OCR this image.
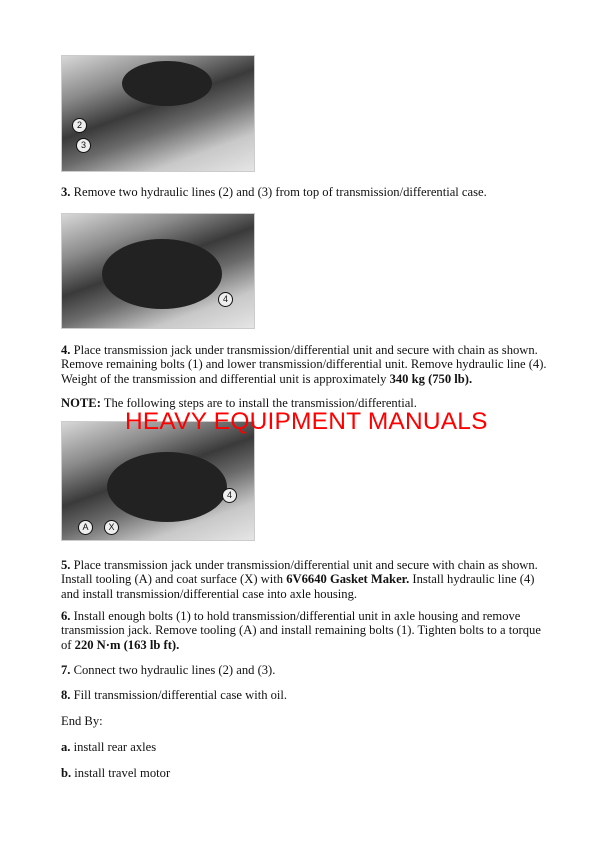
2
3
3. Remove two hydraulic lines (2) and (3) from top of transmission/differential case.
4
4. Place transmission jack under transmission/differential unit and secure with chain as shown. Remove remaining bolts (1) and lower transmission/differential unit. Remove hydraulic line (4). Weight of the transmission and differential unit is approximately 340 kg (750 lb).
NOTE: The following steps are to install the transmission/differential.
HEAVY EQUIPMENT MANUALS
A	X
4
5. Place transmission jack under transmission/differential unit and secure with chain as shown. Install tooling (A) and coat surface (X) with 6V6640 Gasket Maker. Install hydraulic line (4) and install transmission/differential case into axle housing.
6. Install enough bolts (1) to hold transmission/differential unit in axle housing and remove transmission jack. Remove tooling (A) and install remaining bolts (1). Tighten bolts to a torque of 220 N·m (163 lb ft).
7. Connect two hydraulic lines (2) and (3).
8. Fill transmission/differential case with oil.
End By:
a. install rear axles
b. install travel motor
